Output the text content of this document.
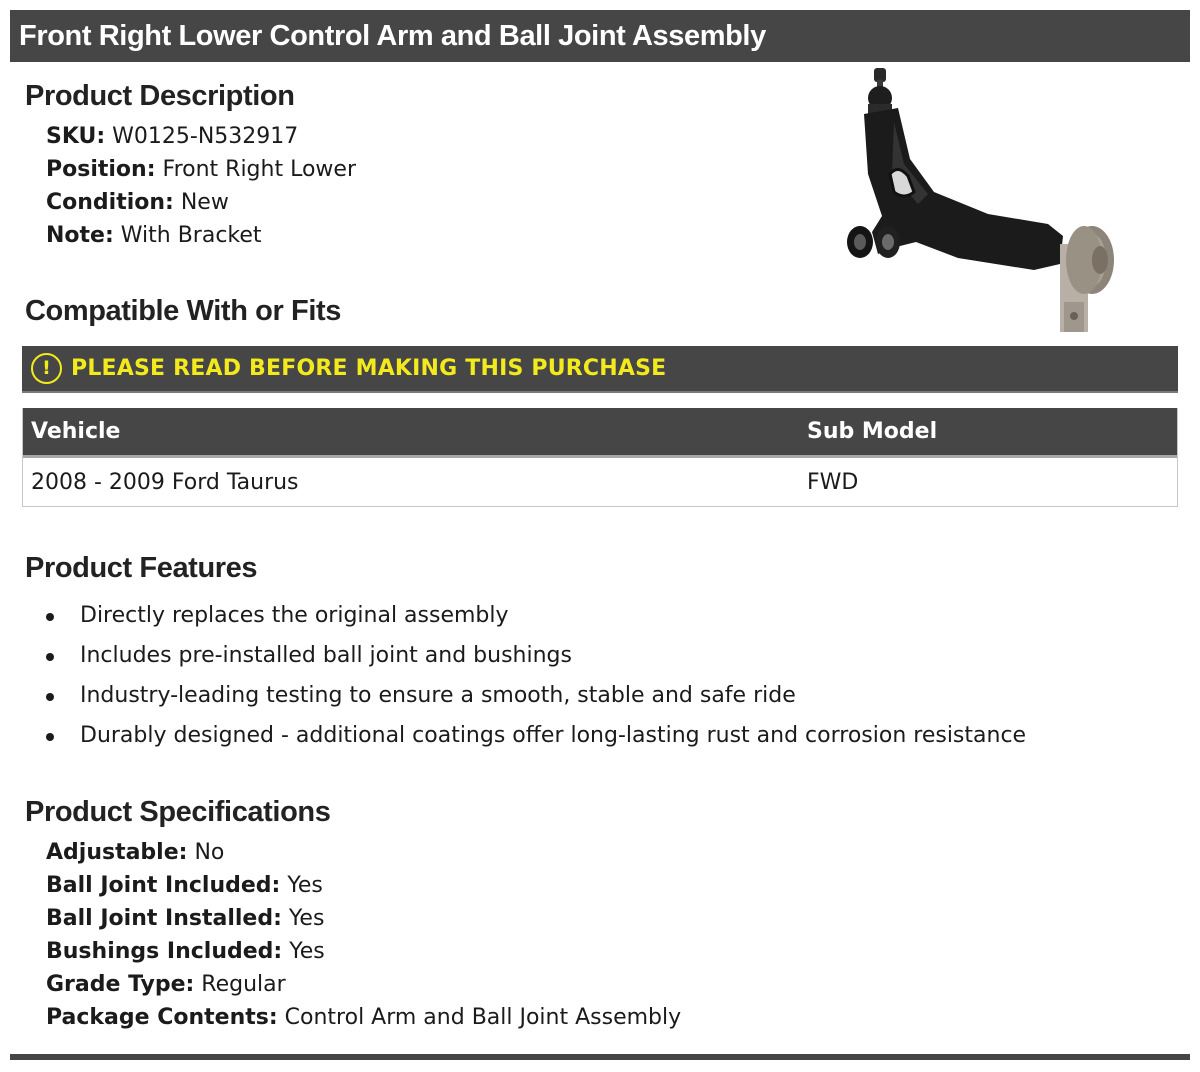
Front Right Lower Control Arm and Ball Joint Assembly
Product Description
SKU: W0125-N532917
Position: Front Right Lower
Condition: New
Note: With Bracket
Compatible With or Fits
! PLEASE READ BEFORE MAKING THIS PURCHASE
Vehicle	Sub Model
2008 - 2009 Ford Taurus	FWD
Product Features
Directly replaces the original assembly
Includes pre-installed ball joint and bushings
Industry-leading testing to ensure a smooth, stable and safe ride
Durably designed - additional coatings offer long-lasting rust and corrosion resistance
Product Specifications
Adjustable: No
Ball Joint Included: Yes
Ball Joint Installed: Yes
Bushings Included: Yes
Grade Type: Regular
Package Contents: Control Arm and Ball Joint Assembly
